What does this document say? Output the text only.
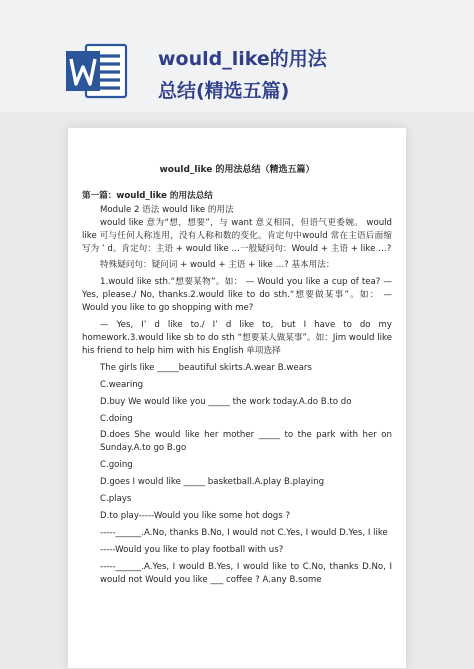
would_like的用法
总结(精选五篇)
would_like 的用法总结（精选五篇）
第一篇：would_like 的用法总结

Module 2 语法 would like 的用法

would like 意为“想，想要”，与 want 意义相同，但语气更委婉。 would like 可与任何人称连用，没有人称和数的变化。肯定句中would 常在主语后面缩写为 ’ d。肯定句：主语 + would like …一般疑问句：Would + 主语 + like …?

特殊疑问句：疑问词 + would + 主语 + like …? 基本用法：

1.would like sth.“想要某物”。如： — Would you like a cup of tea? — Yes, please./ No, thanks.2.would like to do sth.“想要做某事”。如： — Would you like to go shopping with me?

— Yes, I’ d like to./ I’ d like to, but I have to do my homework.3.would like sb to do sth “想要某人做某事”。如：Jim would like his friend to help him with his English 单项选择

The girls like _____beautiful skirts.A.wear B.wears

C.wearing

D.buy We would like you _____ the work today.A.do B.to do

C.doing

D.does She would like her mother _____ to the park with her on Sunday.A.to go B.go

C.going

D.goes I would like _____ basketball.A.play B.playing

C.plays

D.to play-----Would you like some hot dogs ?

-----______.A.No, thanks B.No, I would not C.Yes, I would D.Yes, I like

-----Would you like to play football with us?

-----______.A.Yes, I would B.Yes, I would like to C.No, thanks D.No, I would not Would you like ___ coffee ? A.any B.some
